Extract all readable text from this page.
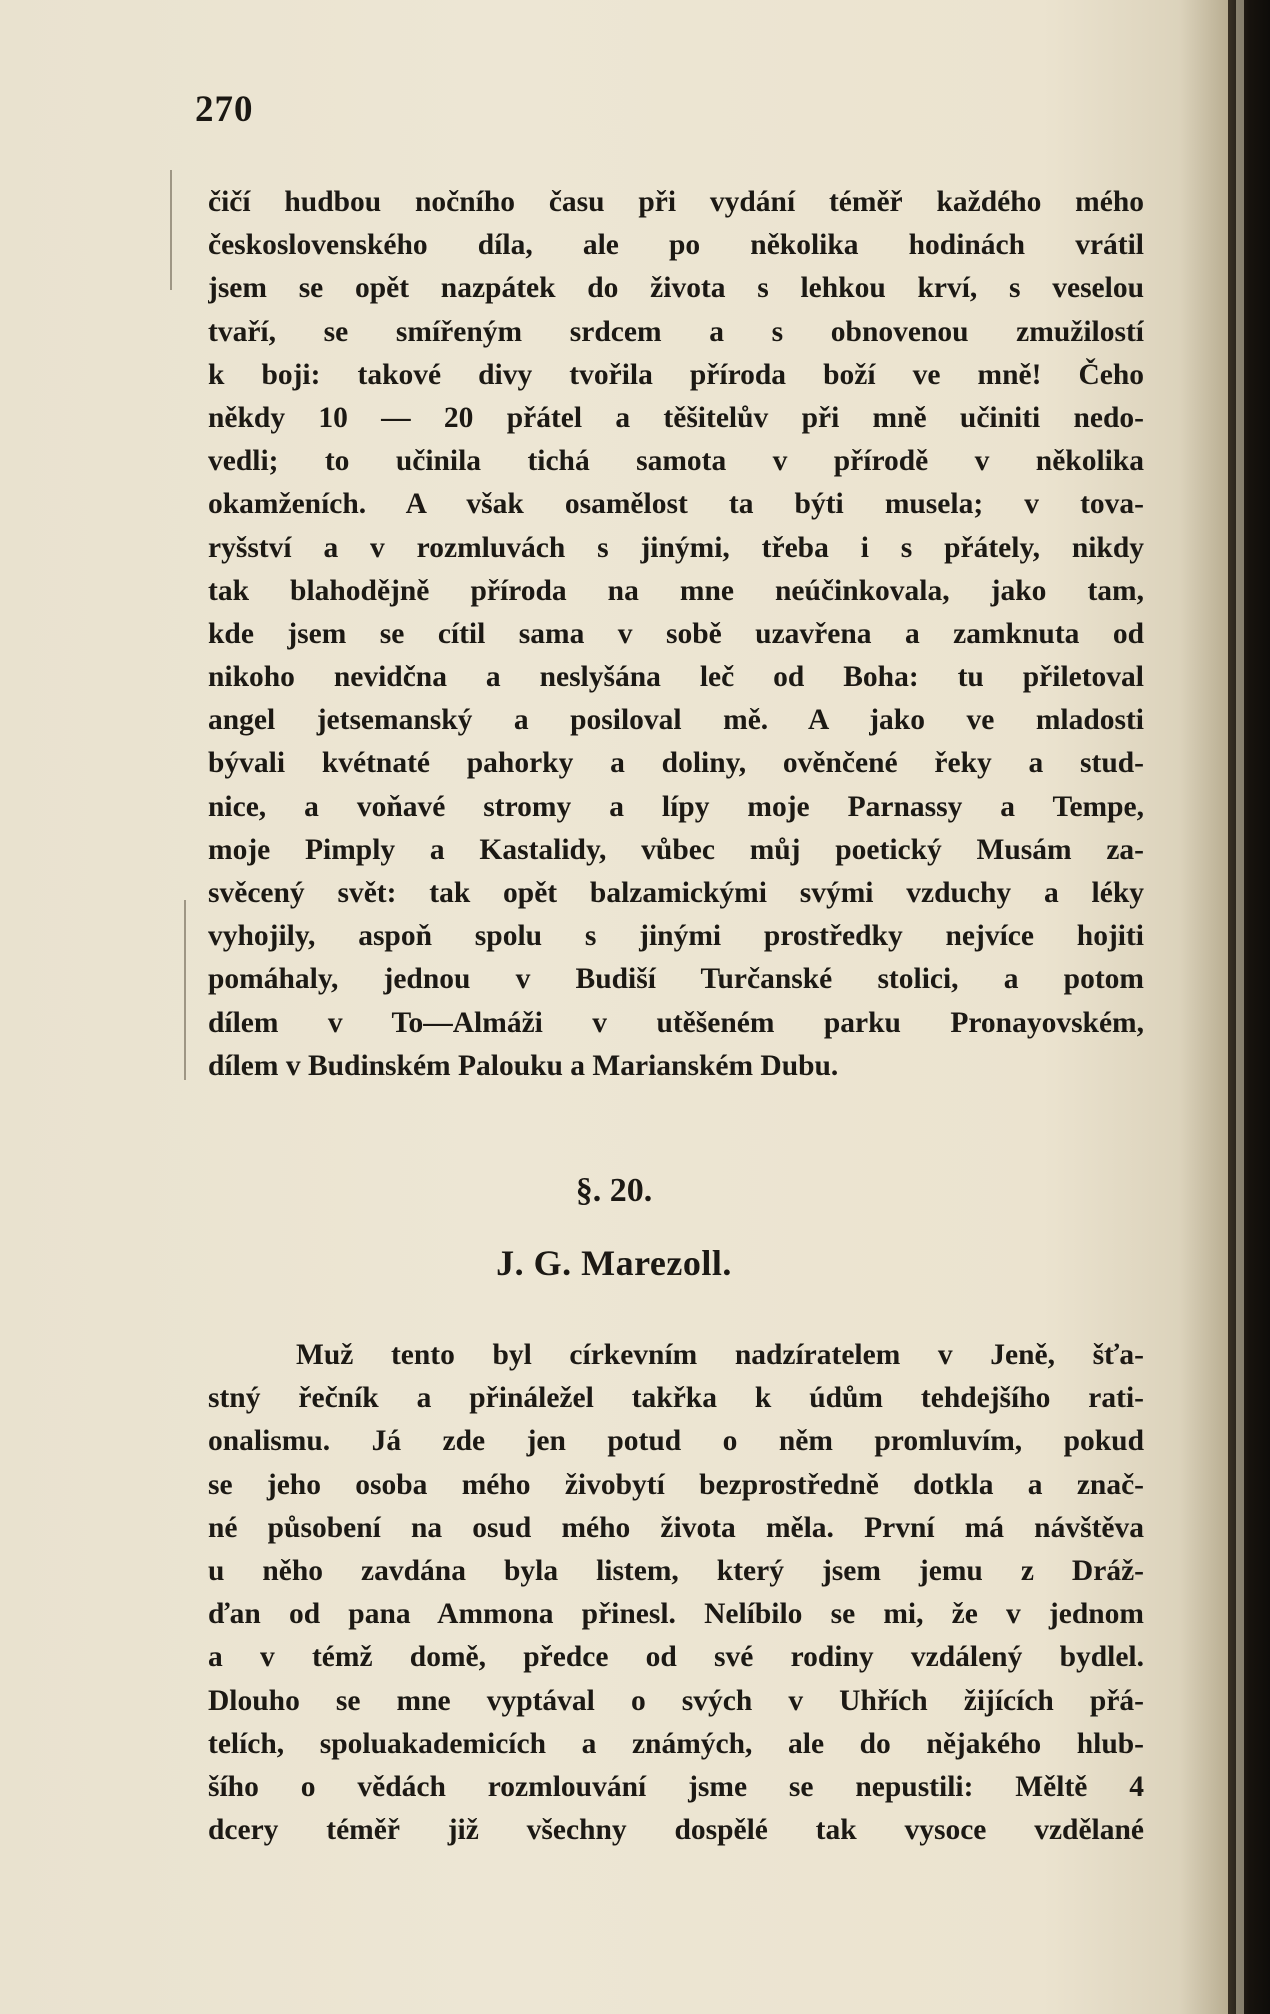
270
čičí hudbou nočního času při vydání téměř každého mého
československého díla, ale po několika hodinách vrátil
jsem se opět nazpátek do života s lehkou krví, s veselou
tvaří, se smířeným srdcem a s obnovenou zmužilostí
k boji: takové divy tvořila příroda boží ve mně! Čeho
někdy 10 — 20 přátel a těšitelův při mně učiniti nedo-
vedli; to učinila tichá samota v přírodě v několika
okamženích. A však osamělost ta býti musela; v tova-
ryšství a v rozmluvách s jinými, třeba i s přátely, nikdy
tak blahodějně příroda na mne neúčinkovala, jako tam,
kde jsem se cítil sama v sobě uzavřena a zamknuta od
nikoho nevidčna a neslyšána leč od Boha: tu přiletoval
angel jetsemanský a posiloval mě. A jako ve mladosti
bývali kvétnaté pahorky a doliny, ověnčené řeky a stud-
nice, a voňavé stromy a lípy moje Parnassy a Tempe,
moje Pimply a Kastalidy, vůbec můj poetický Musám za-
svěcený svět: tak opět balzamickými svými vzduchy a léky
vyhojily, aspoň spolu s jinými prostředky nejvíce hojiti
pomáhaly, jednou v Budiší Turčanské stolici, a potom
dílem v To—Almáži v utěšeném parku Pronayovském,
dílem v Budinském Palouku a Marianském Dubu.
§. 20.
J. G. Marezoll.
Muž tento byl církevním nadzíratelem v Jeně, šťa-
stný řečník a přináležel takřka k údům tehdejšího rati-
onalismu. Já zde jen potud o něm promluvím, pokud
se jeho osoba mého živobytí bezprostředně dotkla a znač-
né působení na osud mého života měla. První má návštěva
u něho zavdána byla listem, který jsem jemu z Dráž-
ďan od pana Ammona přinesl. Nelíbilo se mi, že v jednom
a v témž domě, předce od své rodiny vzdálený bydlel.
Dlouho se mne vyptával o svých v Uhřích žijících přá-
telích, spoluakademicích a známých, ale do nějakého hlub-
šího o vědách rozmlouvání jsme se nepustili: Měltě 4
dcery téměř již všechny dospělé tak vysoce vzdělané
